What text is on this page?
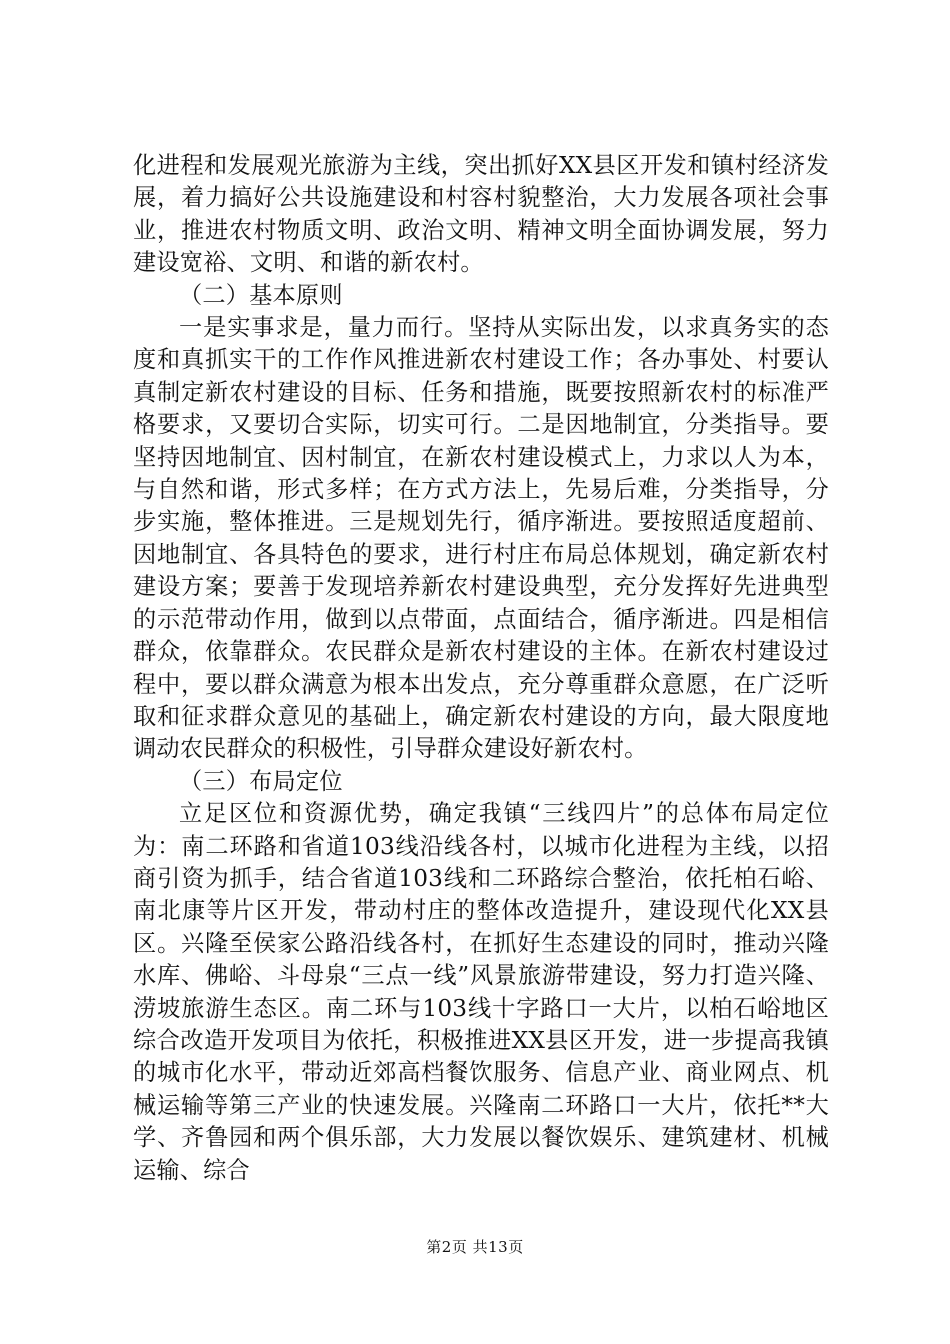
化进程和发展观光旅游为主线，突出抓好XX县区开发和镇村经济发展，着力搞好公共设施建设和村容村貌整治，大力发展各项社会事业，推进农村物质文明、政治文明、精神文明全面协调发展，努力建设宽裕、文明、和谐的新农村。

（二）基本原则

一是实事求是，量力而行。坚持从实际出发，以求真务实的态度和真抓实干的工作作风推进新农村建设工作；各办事处、村要认真制定新农村建设的目标、任务和措施，既要按照新农村的标准严格要求，又要切合实际，切实可行。二是因地制宜，分类指导。要坚持因地制宜、因村制宜，在新农村建设模式上，力求以人为本，与自然和谐，形式多样；在方式方法上，先易后难，分类指导，分步实施，整体推进。三是规划先行，循序渐进。要按照适度超前、因地制宜、各具特色的要求，进行村庄布局总体规划，确定新农村建设方案；要善于发现培养新农村建设典型，充分发挥好先进典型的示范带动作用，做到以点带面，点面结合，循序渐进。四是相信群众，依靠群众。农民群众是新农村建设的主体。在新农村建设过程中，要以群众满意为根本出发点，充分尊重群众意愿，在广泛听取和征求群众意见的基础上，确定新农村建设的方向，最大限度地调动农民群众的积极性，引导群众建设好新农村。

（三）布局定位

立足区位和资源优势，确定我镇“三线四片”的总体布局定位为：南二环路和省道103线沿线各村，以城市化进程为主线，以招商引资为抓手，结合省道103线和二环路综合整治，依托柏石峪、南北康等片区开发，带动村庄的整体改造提升，建设现代化XX县区。兴隆至侯家公路沿线各村，在抓好生态建设的同时，推动兴隆水库、佛峪、斗母泉“三点一线”风景旅游带建设，努力打造兴隆、涝坡旅游生态区。南二环与103线十字路口一大片，以柏石峪地区综合改造开发项目为依托，积极推进XX县区开发，进一步提高我镇的城市化水平，带动近郊高档餐饮服务、信息产业、商业网点、机械运输等第三产业的快速发展。兴隆南二环路口一大片，依托**大学、齐鲁园和两个俱乐部，大力发展以餐饮娱乐、建筑建材、机械运输、综合

第2页 共13页
